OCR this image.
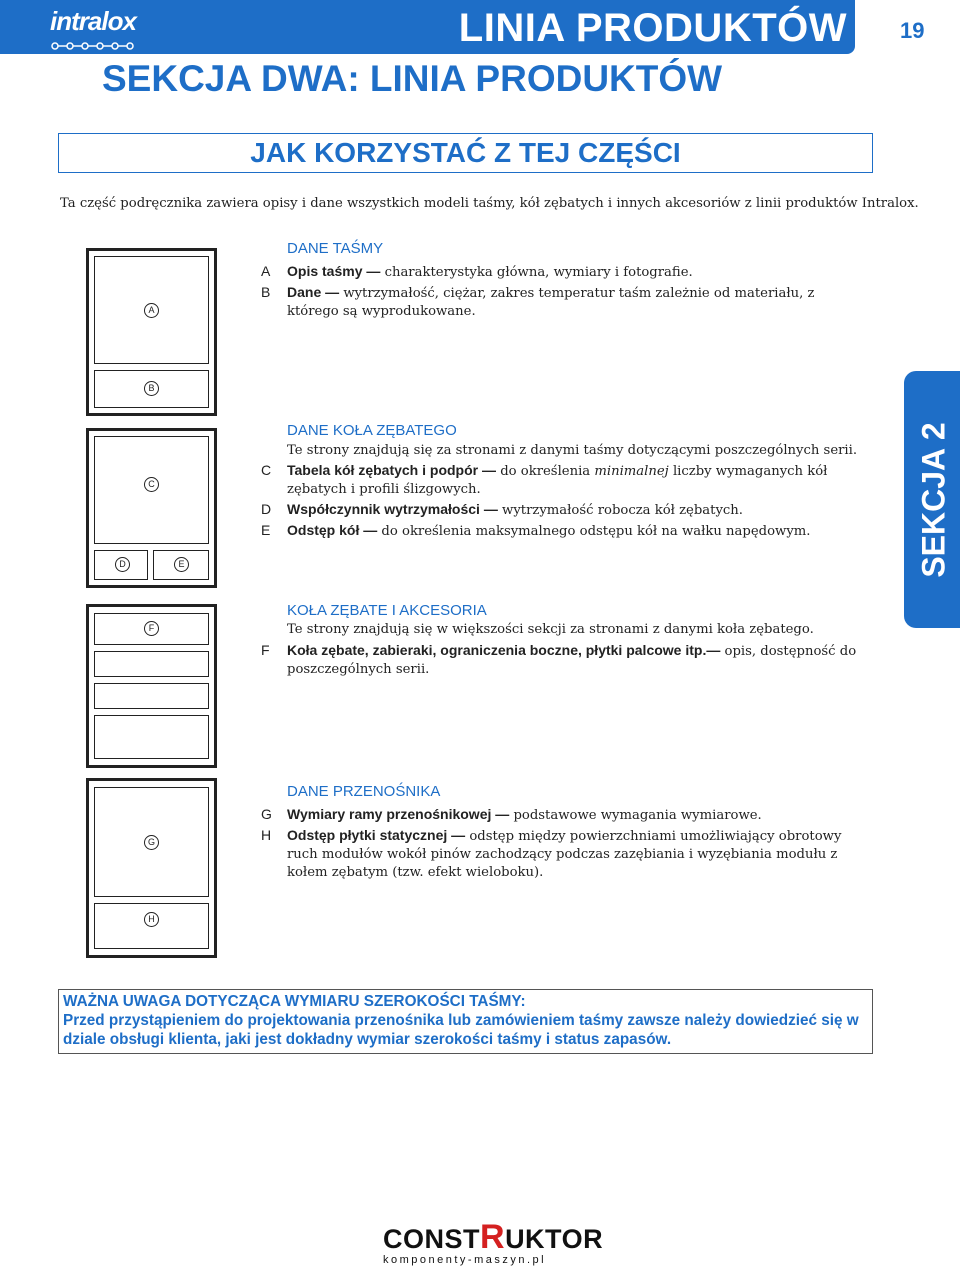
intralox	LINIA PRODUKTÓW 19
SEKCJA DWA: LINIA PRODUKTÓW
JAK KORZYSTAĆ Z TEJ CZĘŚCI
Ta część podręcznika zawiera opisy i dane wszystkich modeli taśmy, kół zębatych i innych akcesoriów z linii produktów Intralox.
A
B
C
D	E
F
G
H
DANE TAŚMY
A Opis taśmy — charakterystyka główna, wymiary i fotografie.
B Dane — wytrzymałość, ciężar, zakres temperatur taśm zależnie od materiału, z którego są wyprodukowane.
DANE KOŁA ZĘBATEGO
Te strony znajdują się za stronami z danymi taśmy dotyczącymi poszczególnych serii.
C Tabela kół zębatych i podpór — do określenia minimalnej liczby wymaganych kół zębatych i profili ślizgowych.
D Współczynnik wytrzymałości — wytrzymałość robocza kół zębatych.
E Odstęp kół — do określenia maksymalnego odstępu kół na wałku napędowym.
KOŁA ZĘBATE I AKCESORIA
Te strony znajdują się w większości sekcji za stronami z danymi koła zębatego.
F Koła zębate, zabieraki, ograniczenia boczne, płytki palcowe itp.— opis, dostępność do poszczególnych serii.
DANE PRZENOŚNIKA
G Wymiary ramy przenośnikowej — podstawowe wymagania wymiarowe.
H Odstęp płytki statycznej — odstęp między powierzchniami umożliwiający obrotowy ruch modułów wokół pinów zachodzący podczas zazębiania i wyzębiania modułu z kołem zębatym (tzw. efekt wieloboku).
SEKCJA 2
WAŻNA UWAGA DOTYCZĄCA WYMIARU SZEROKOŚCI TAŚMY:
Przed przystąpieniem do projektowania przenośnika lub zamówieniem taśmy zawsze należy dowiedzieć się w dziale obsługi klienta, jaki jest dokładny wymiar szerokości taśmy i status zapasów.
CONSTRUKTOR
komponenty-maszyn.pl
